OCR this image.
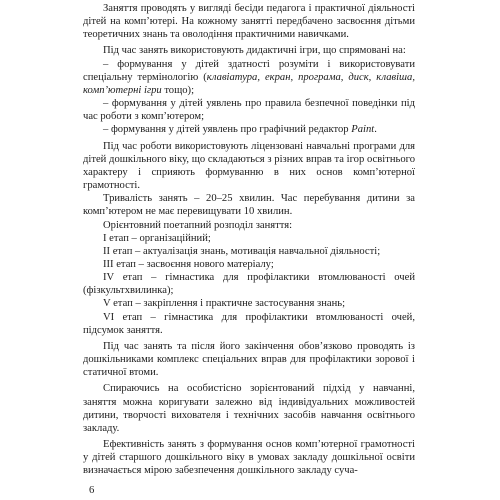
Заняття проводять у вигляді бесіди педагога і практичної діяльності дітей на комп’ютері. На кожному занятті передбачено засвоєння дітьми теоретичних знань та оволодіння практичними навичками.

Під час занять використовують дидактичні ігри, що спрямовані на:

– формування у дітей здатності розуміти і використовувати спеціальну термінологію (клавіатура, екран, програма, диск, клавіша, комп’ютерні ігри тощо);

– формування у дітей уявлень про правила безпечної поведінки під час роботи з комп’ютером;

– формування у дітей уявлень про графічний редактор Paint.

Під час роботи використовують ліцензовані навчальні програми для дітей дошкільного віку, що складаються з різних вправ та ігор освітнього характеру і сприяють формуванню в них основ комп’ютерної грамотності.

Тривалість занять – 20–25 хвилин. Час перебування дитини за комп’ютером не має перевищувати 10 хвилин.

Орієнтовний поетапний розподіл заняття:

І етап – організаційний;

ІІ етап – актуалізація знань, мотивація навчальної діяльності;

ІІІ етап – засвоєння нового матеріалу;

IV етап – гімнастика для профілактики втомлюваності очей (фізкультхвилинка);

V етап – закріплення і практичне застосування знань;

VI етап – гімнастика для профілактики втомлюваності очей, підсумок заняття.

Під час занять та після його закінчення обов’язково проводять із дошкільниками комплекс спеціальних вправ для профілактики зорової і статичної втоми.

Спираючись на особистісно зорієнтований підхід у навчанні, заняття можна коригувати залежно від індивідуальних можливостей дитини, творчості вихователя і технічних засобів навчання освітнього закладу.

Ефективність занять з формування основ комп’ютерної грамотності у дітей старшого дошкільного віку в умовах закладу дошкільної освіти визначається мірою забезпечення дошкільного закладу суча-

6
